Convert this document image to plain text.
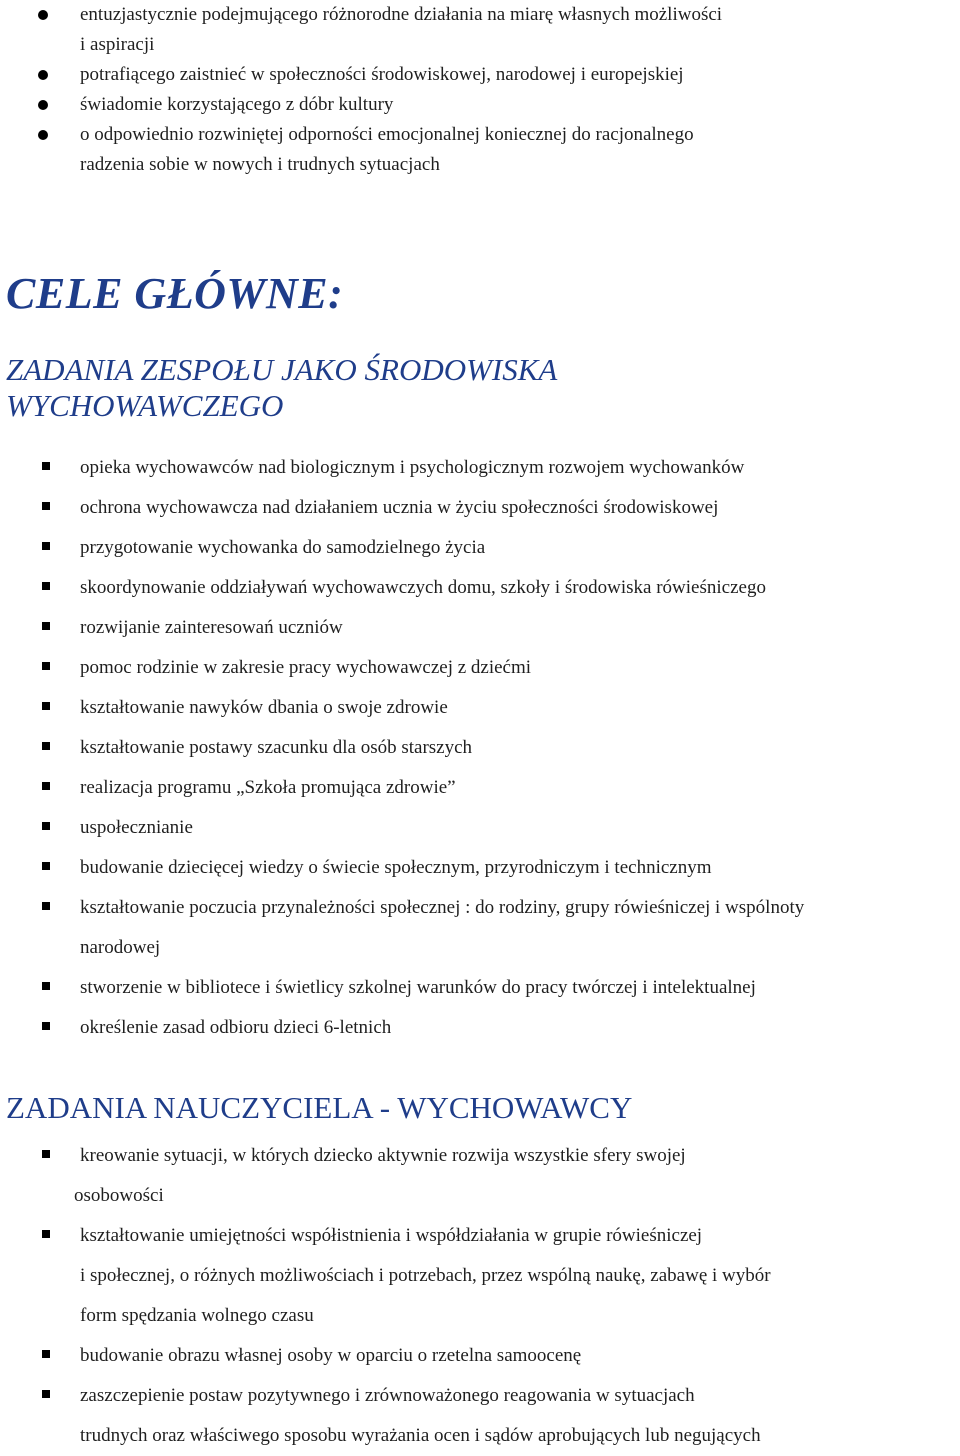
entuzjastycznie podejmującego różnorodne działania na miarę własnych możliwości
i aspiracji
potrafiącego zaistnieć w społeczności środowiskowej, narodowej i europejskiej
świadomie korzystającego z dóbr kultury
o odpowiednio rozwiniętej odporności emocjonalnej koniecznej do racjonalnego
radzenia sobie w nowych i trudnych sytuacjach
CELE GŁÓWNE:
ZADANIA ZESPOŁU JAKO ŚRODOWISKA WYCHOWAWCZEGO
opieka wychowawców nad biologicznym i psychologicznym rozwojem wychowanków
ochrona wychowawcza nad działaniem ucznia w życiu społeczności środowiskowej
przygotowanie wychowanka do samodzielnego życia
skoordynowanie oddziaływań wychowawczych domu, szkoły i środowiska rówieśniczego
rozwijanie zainteresowań uczniów
pomoc rodzinie w zakresie pracy wychowawczej z dziećmi
kształtowanie nawyków dbania o swoje zdrowie
kształtowanie postawy szacunku dla osób starszych
realizacja programu „Szkoła promująca zdrowie”
uspołecznianie
budowanie dziecięcej wiedzy o świecie społecznym, przyrodniczym i technicznym
kształtowanie poczucia przynależności społecznej : do rodziny, grupy rówieśniczej i wspólnoty
narodowej
stworzenie w bibliotece i świetlicy szkolnej warunków do pracy twórczej i intelektualnej
określenie zasad odbioru dzieci 6-letnich
ZADANIA NAUCZYCIELA - WYCHOWAWCY
kreowanie sytuacji, w których dziecko aktywnie rozwija wszystkie sfery swojej
osobowości
kształtowanie umiejętności współistnienia i współdziałania w grupie rówieśniczej
i społecznej, o różnych możliwościach i potrzebach, przez wspólną naukę, zabawę i wybór
form spędzania wolnego czasu
budowanie obrazu własnej osoby w oparciu o rzetelna samoocenę
zaszczepienie postaw pozytywnego i zrównoważonego reagowania w sytuacjach
trudnych oraz właściwego sposobu wyrażania ocen i sądów aprobujących lub negujących
